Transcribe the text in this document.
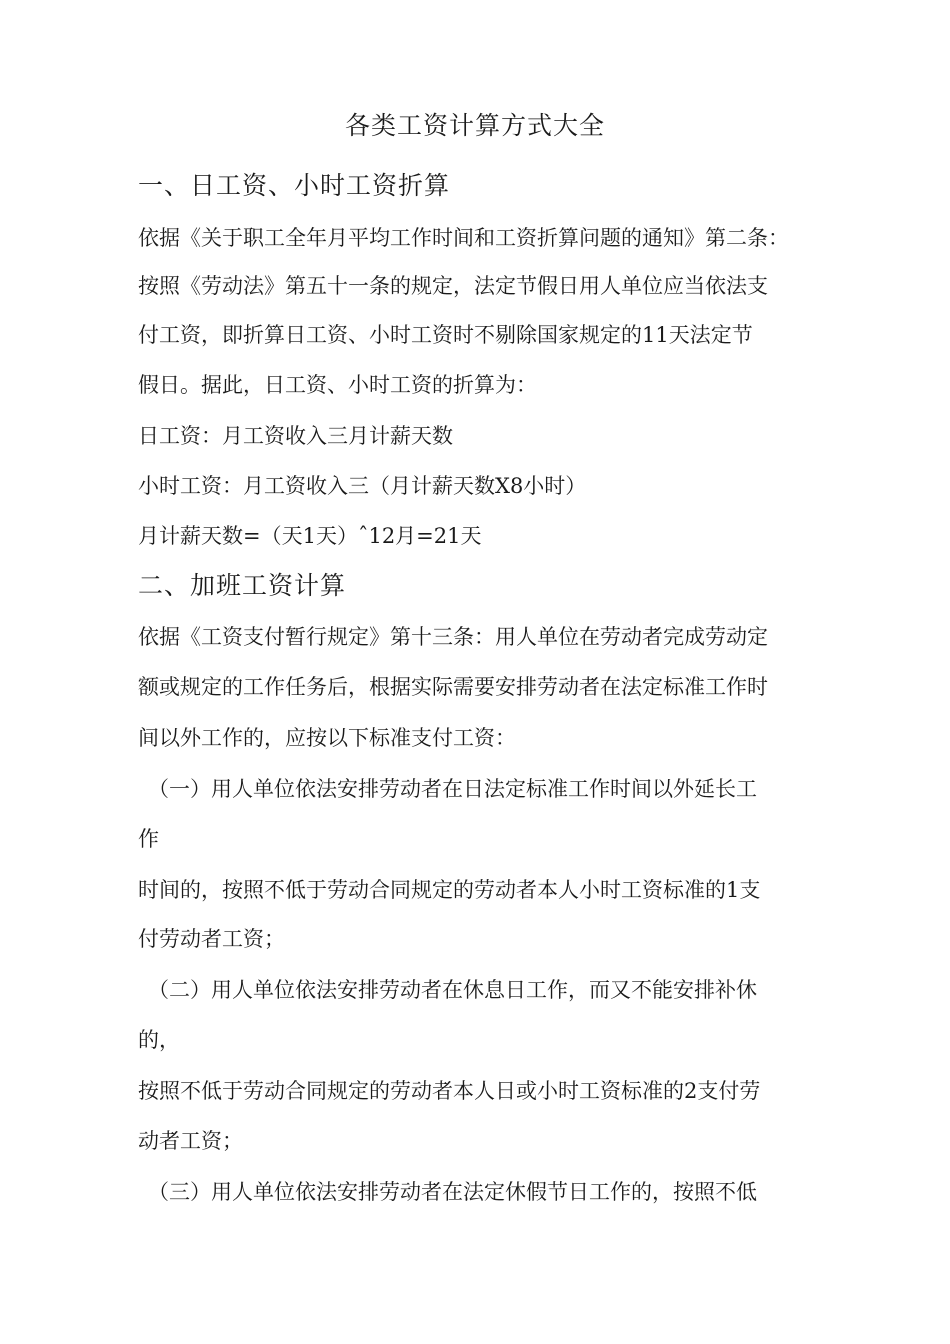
各类工资计算方式大全
一、日工资、小时工资折算
依据《关于职工全年月平均工作时间和工资折算问题的通知》第二条：
按照《劳动法》第五十一条的规定，法定节假日用人单位应当依法支
付工资，即折算日工资、小时工资时不剔除国家规定的11天法定节
假日。据此，日工资、小时工资的折算为：
日工资：月工资收入三月计薪天数
小时工资：月工资收入三（月计薪天数X8小时）
月计薪天数=（天1天）ˆ12月=21天
二、加班工资计算
依据《工资支付暂行规定》第十三条：用人单位在劳动者完成劳动定
额或规定的工作任务后，根据实际需要安排劳动者在法定标准工作时
间以外工作的，应按以下标准支付工资：
（一）用人单位依法安排劳动者在日法定标准工作时间以外延长工
作
时间的，按照不低于劳动合同规定的劳动者本人小时工资标准的1支
付劳动者工资；
（二）用人单位依法安排劳动者在休息日工作，而又不能安排补休
的，
按照不低于劳动合同规定的劳动者本人日或小时工资标准的2支付劳
动者工资；
（三）用人单位依法安排劳动者在法定休假节日工作的，按照不低
